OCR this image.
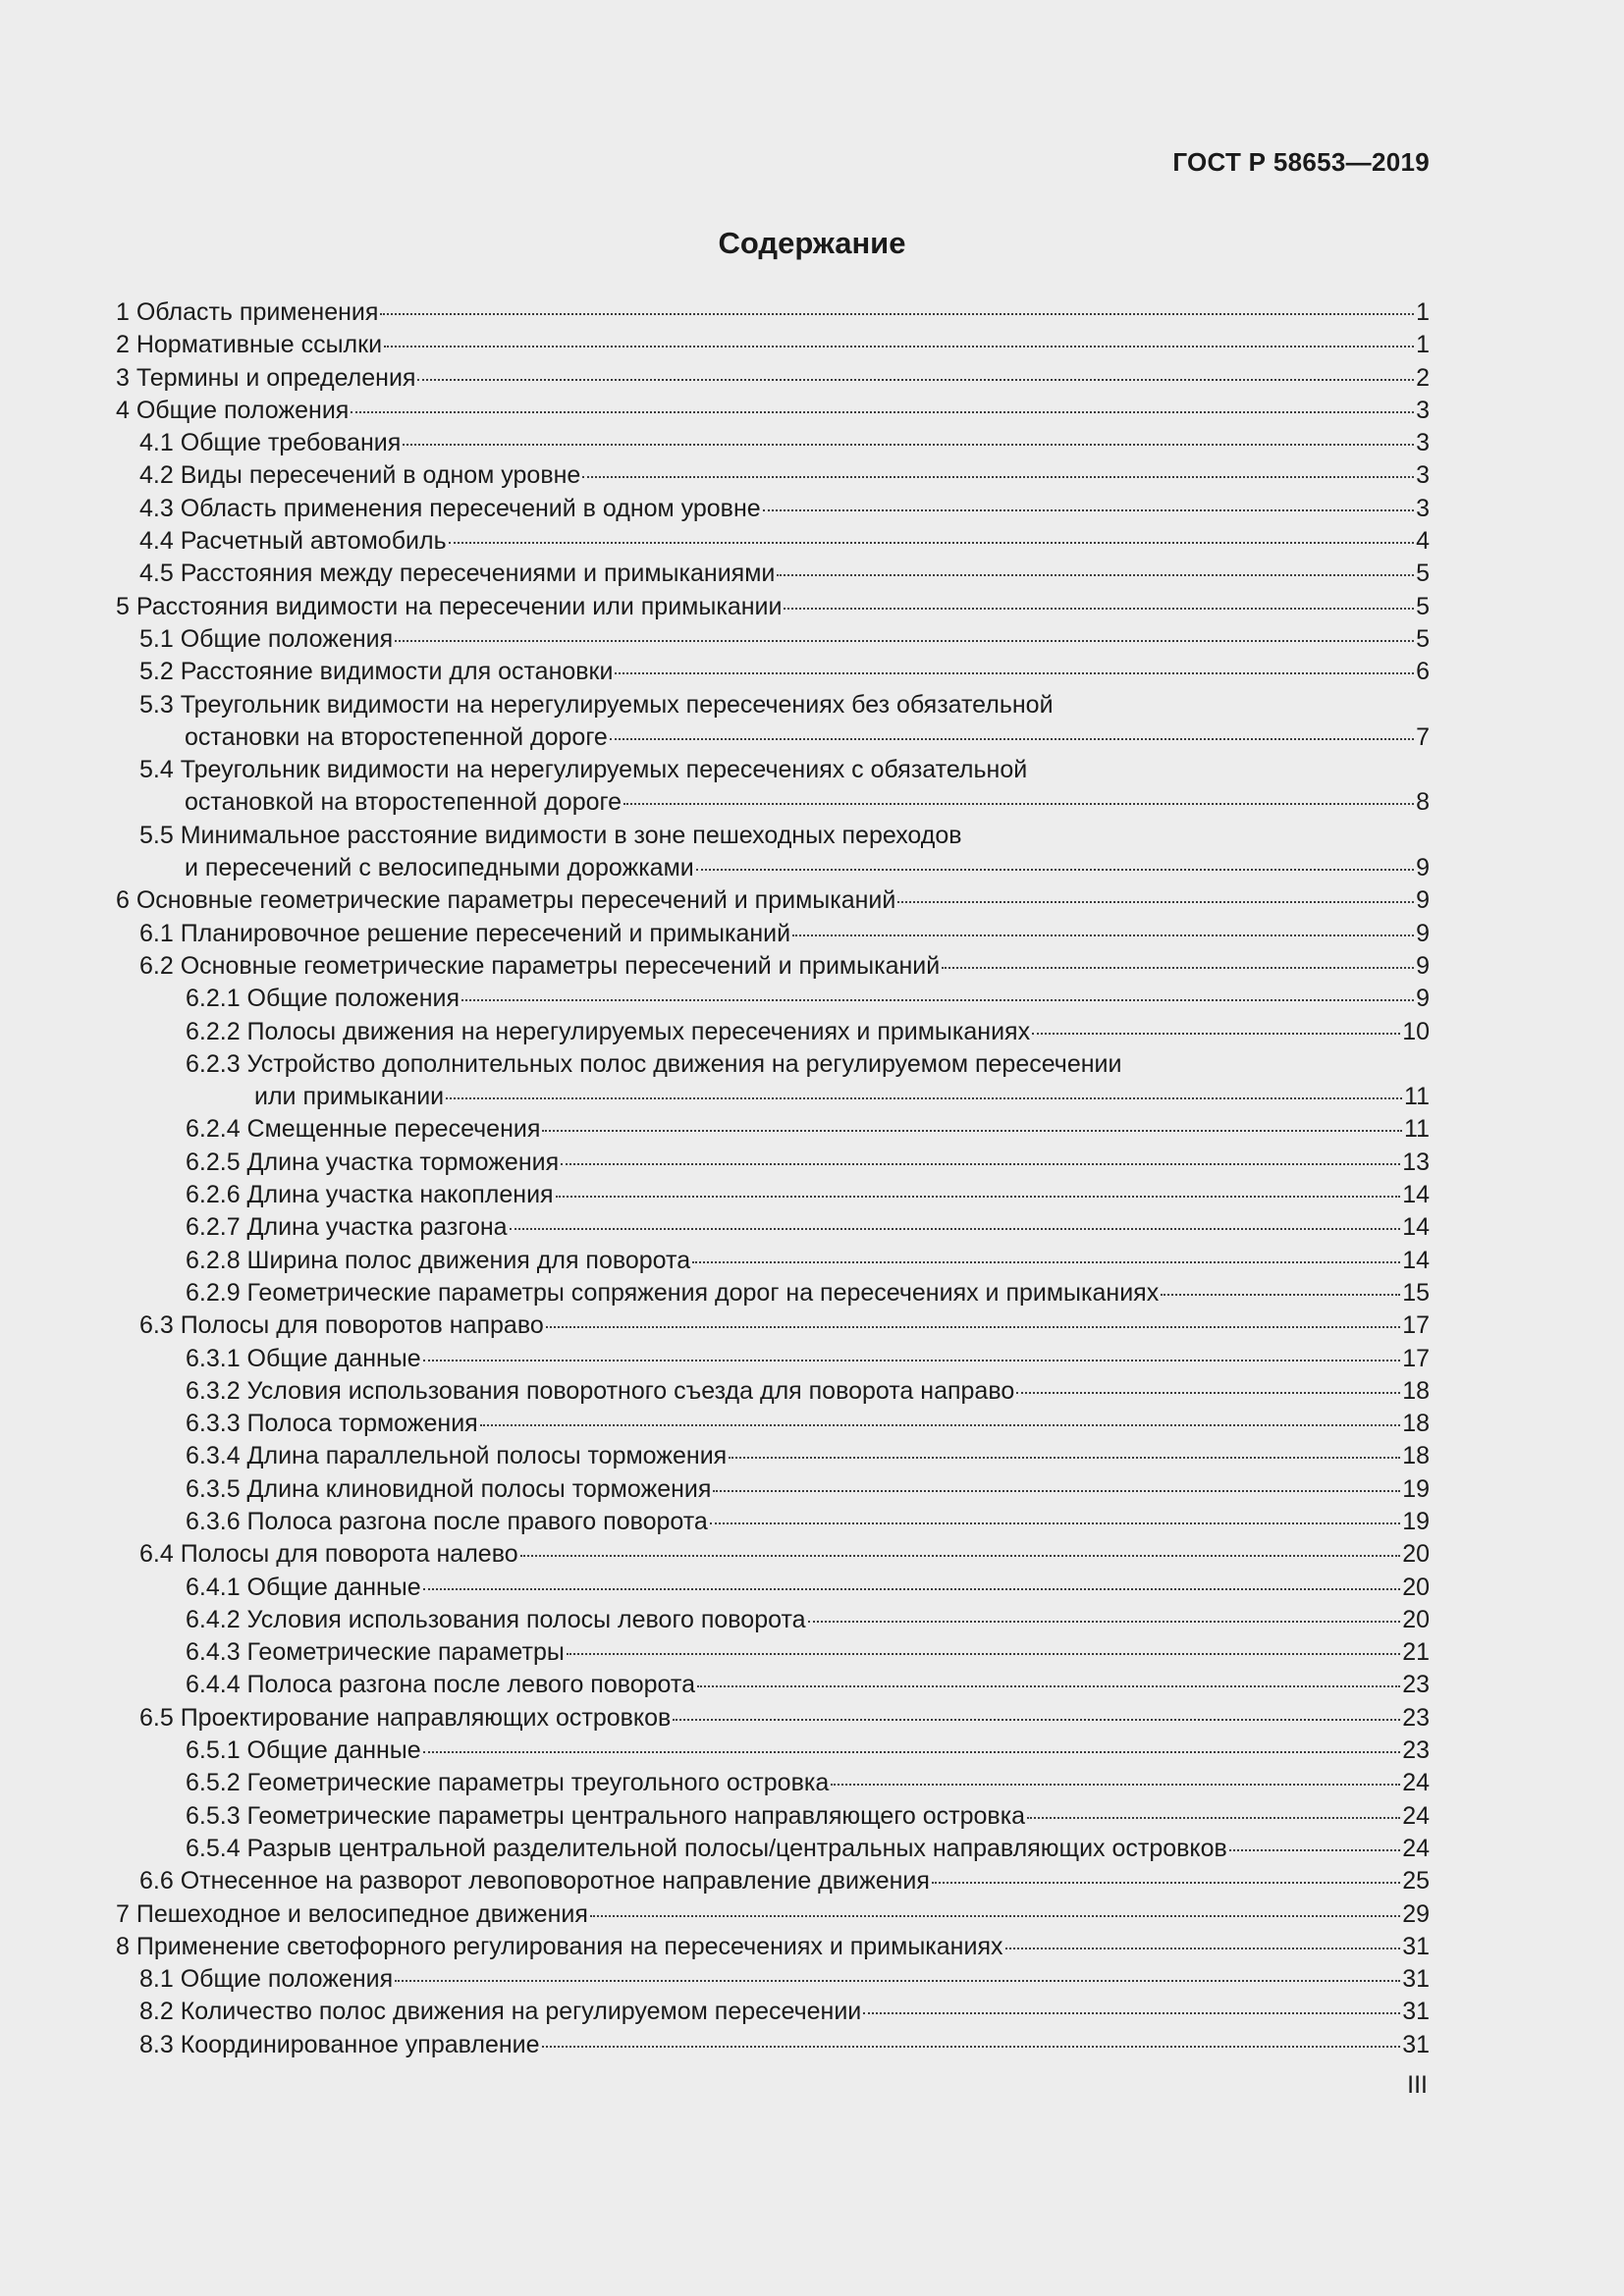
ГОСТ Р 58653—2019
Содержание
1 Область применения	1
2 Нормативные ссылки	1
3 Термины и определения	2
4 Общие положения	3
4.1 Общие требования	3
4.2 Виды пересечений в одном уровне	3
4.3 Область применения пересечений в одном уровне	3
4.4 Расчетный автомобиль	4
4.5 Расстояния между пересечениями и примыканиями	5
5 Расстояния видимости на пересечении или примыкании	5
5.1 Общие положения	5
5.2 Расстояние видимости для остановки	6
5.3 Треугольник видимости на нерегулируемых пересечениях без обязательной
остановки на второстепенной дороге	7
5.4 Треугольник видимости на нерегулируемых пересечениях с обязательной
остановкой на второстепенной дороге	8
5.5 Минимальное расстояние видимости в зоне пешеходных переходов
и пересечений с велосипедными дорожками	9
6 Основные геометрические параметры пересечений и примыканий	9
6.1 Планировочное решение пересечений и примыканий	9
6.2 Основные геометрические параметры пересечений и примыканий	9
6.2.1 Общие положения	9
6.2.2 Полосы движения на нерегулируемых пересечениях и примыканиях	10
6.2.3 Устройство дополнительных полос движения на регулируемом пересечении
или примыкании	11
6.2.4 Смещенные пересечения	11
6.2.5 Длина участка торможения	13
6.2.6 Длина участка накопления	14
6.2.7 Длина участка разгона	14
6.2.8 Ширина полос движения для поворота	14
6.2.9 Геометрические параметры сопряжения дорог на пересечениях и примыканиях	15
6.3 Полосы для поворотов направо	17
6.3.1 Общие данные	17
6.3.2 Условия использования поворотного съезда для поворота направо	18
6.3.3 Полоса торможения	18
6.3.4 Длина параллельной полосы торможения	18
6.3.5 Длина клиновидной полосы торможения	19
6.3.6 Полоса разгона после правого поворота	19
6.4 Полосы для поворота налево	20
6.4.1 Общие данные	20
6.4.2 Условия использования полосы левого поворота	20
6.4.3 Геометрические параметры	21
6.4.4 Полоса разгона после левого поворота	23
6.5 Проектирование направляющих островков	23
6.5.1 Общие данные	23
6.5.2 Геометрические параметры треугольного островка	24
6.5.3 Геометрические параметры центрального направляющего островка	24
6.5.4 Разрыв центральной разделительной полосы/центральных направляющих островков	24
6.6 Отнесенное на разворот левоповоротное направление движения	25
7 Пешеходное и велосипедное движения	29
8 Применение светофорного регулирования на пересечениях и примыканиях	31
8.1 Общие положения	31
8.2 Количество полос движения на регулируемом пересечении	31
8.3 Координированное управление	31
III
